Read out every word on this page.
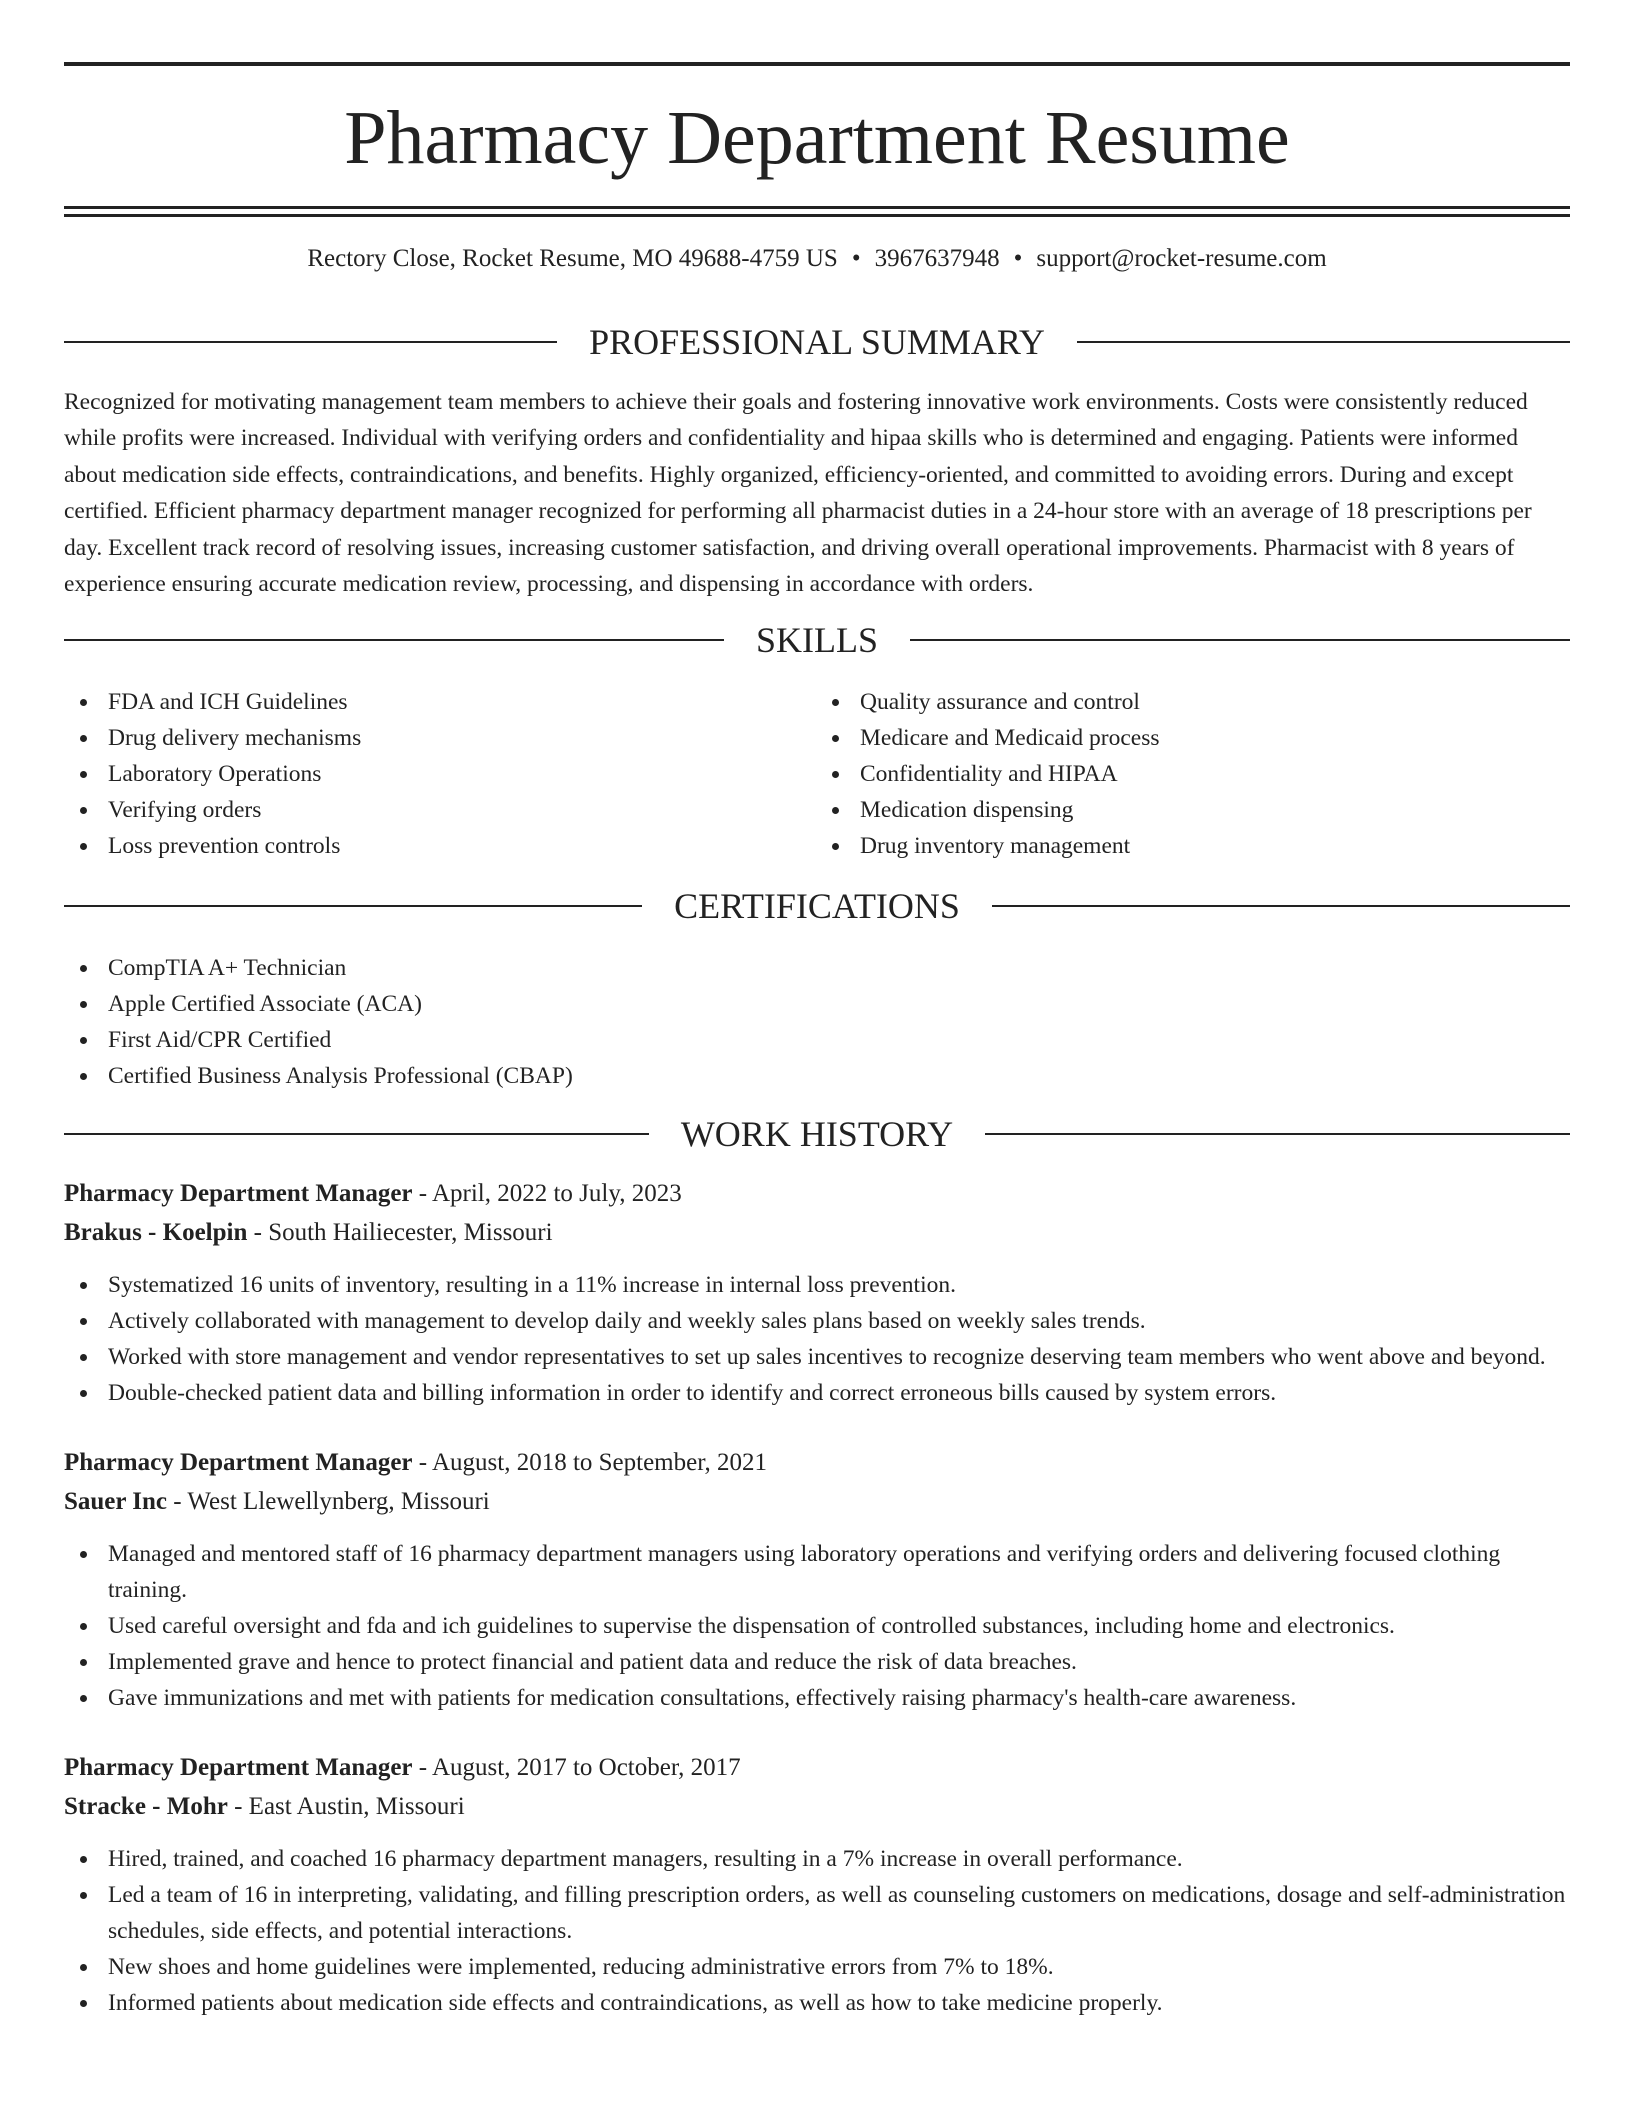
Pharmacy Department Resume
Rectory Close, Rocket Resume, MO 49688-4759 US • 3967637948 • support@rocket-resume.com
PROFESSIONAL SUMMARY

Recognized for motivating management team members to achieve their goals and fostering innovative work environments. Costs were consistently reduced while profits were increased. Individual with verifying orders and confidentiality and hipaa skills who is determined and engaging. Patients were informed about medication side effects, contraindications, and benefits. Highly organized, efficiency-oriented, and committed to avoiding errors. During and except certified. Efficient pharmacy department manager recognized for performing all pharmacist duties in a 24-hour store with an average of 18 prescriptions per day. Excellent track record of resolving issues, increasing customer satisfaction, and driving overall operational improvements. Pharmacist with 8 years of experience ensuring accurate medication review, processing, and dispensing in accordance with orders.

SKILLS
FDA and ICH Guidelines
Drug delivery mechanisms
Laboratory Operations
Verifying orders
Loss prevention controls
Quality assurance and control
Medicare and Medicaid process
Confidentiality and HIPAA
Medication dispensing
Drug inventory management
CERTIFICATIONS
CompTIA A+ Technician
Apple Certified Associate (ACA)
First Aid/CPR Certified
Certified Business Analysis Professional (CBAP)
WORK HISTORY
Pharmacy Department Manager - April, 2022 to July, 2023
Brakus - Koelpin - South Hailiecester, Missouri
Systematized 16 units of inventory, resulting in a 11% increase in internal loss prevention.
Actively collaborated with management to develop daily and weekly sales plans based on weekly sales trends.
Worked with store management and vendor representatives to set up sales incentives to recognize deserving team members who went above and beyond.
Double-checked patient data and billing information in order to identify and correct erroneous bills caused by system errors.
Pharmacy Department Manager - August, 2018 to September, 2021
Sauer Inc - West Llewellynberg, Missouri
Managed and mentored staff of 16 pharmacy department managers using laboratory operations and verifying orders and delivering focused clothing training.
Used careful oversight and fda and ich guidelines to supervise the dispensation of controlled substances, including home and electronics.
Implemented grave and hence to protect financial and patient data and reduce the risk of data breaches.
Gave immunizations and met with patients for medication consultations, effectively raising pharmacy's health-care awareness.
Pharmacy Department Manager - August, 2017 to October, 2017
Stracke - Mohr - East Austin, Missouri
Hired, trained, and coached 16 pharmacy department managers, resulting in a 7% increase in overall performance.
Led a team of 16 in interpreting, validating, and filling prescription orders, as well as counseling customers on medications, dosage and self-administration schedules, side effects, and potential interactions.
New shoes and home guidelines were implemented, reducing administrative errors from 7% to 18%.
Informed patients about medication side effects and contraindications, as well as how to take medicine properly.
